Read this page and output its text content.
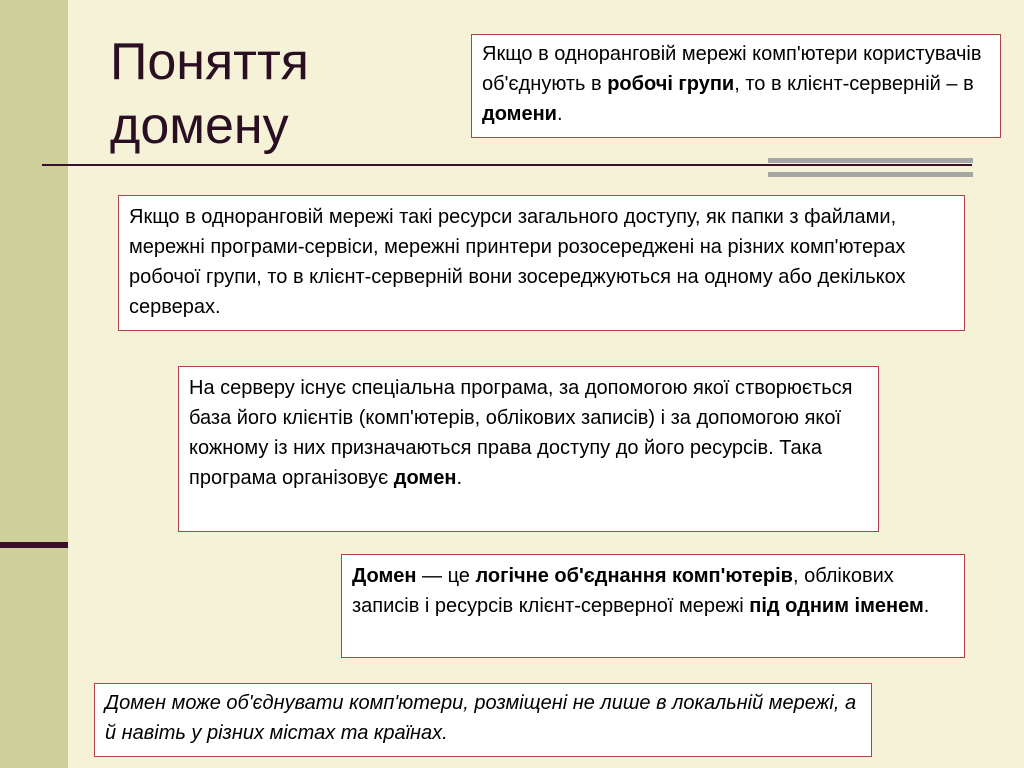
Поняття
домену
Якщо в одноранговій мережі комп'ютери користувачів об'єднують в робочі групи, то в клієнт-серверній – в домени.
Якщо в одноранговій мережі такі ресурси загального доступу, як папки з файлами, мережні програми-сервіси, мережні принтери розосереджені на різних комп'ютерах робочої групи, то в клієнт-серверній вони зосереджуються на одному або декількох серверах.
На серверу існує спеціальна програма, за допомогою якої створюється база його клієнтів (комп'ютерів, облікових записів) і за допомогою якої кожному із них призначаються права доступу до його ресурсів. Така програма організовує домен.
Домен — це логічне об'єднання комп'ютерів, облікових записів і ресурсів клієнт-серверної мережі під одним іменем.
Домен може об'єднувати комп'ютери, розміщені не лише в локальній мережі, а й навіть у різних містах та країнах.
